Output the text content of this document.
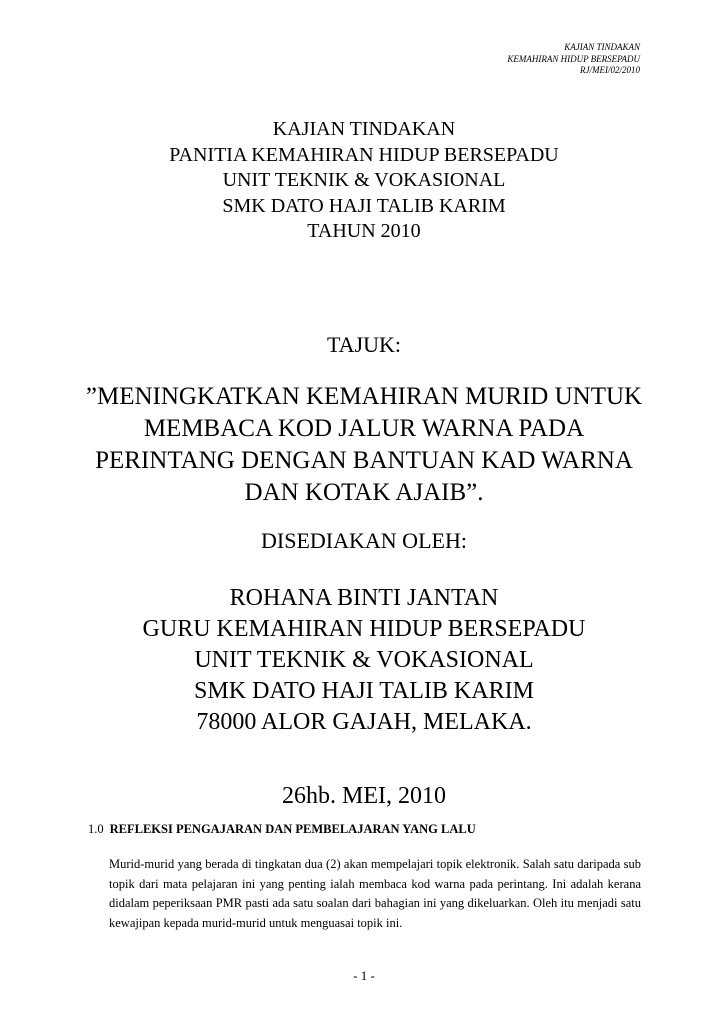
KAJIAN TINDAKAN
KEMAHIRAN HIDUP BERSEPADU
RJ/MEI/02/2010
KAJIAN TINDAKAN
PANITIA KEMAHIRAN HIDUP BERSEPADU
UNIT TEKNIK & VOKASIONAL
SMK DATO HAJI TALIB KARIM
TAHUN 2010
TAJUK:
”MENINGKATKAN KEMAHIRAN MURID UNTUK
MEMBACA KOD JALUR WARNA PADA
PERINTANG DENGAN BANTUAN KAD WARNA
DAN KOTAK AJAIB”.
DISEDIAKAN OLEH:
ROHANA BINTI JANTAN
GURU KEMAHIRAN HIDUP BERSEPADU
UNIT TEKNIK & VOKASIONAL
SMK DATO HAJI TALIB KARIM
78000 ALOR GAJAH, MELAKA.
26hb. MEI, 2010
1.0 REFLEKSI PENGAJARAN DAN PEMBELAJARAN YANG LALU
Murid-murid yang berada di tingkatan dua (2) akan mempelajari topik elektronik. Salah satu daripada sub topik dari mata pelajaran ini yang penting ialah membaca kod warna pada perintang. Ini adalah kerana didalam peperiksaan PMR pasti ada satu soalan dari bahagian ini yang dikeluarkan. Oleh itu menjadi satu kewajipan kepada murid-murid untuk menguasai topik ini.
- 1 -
